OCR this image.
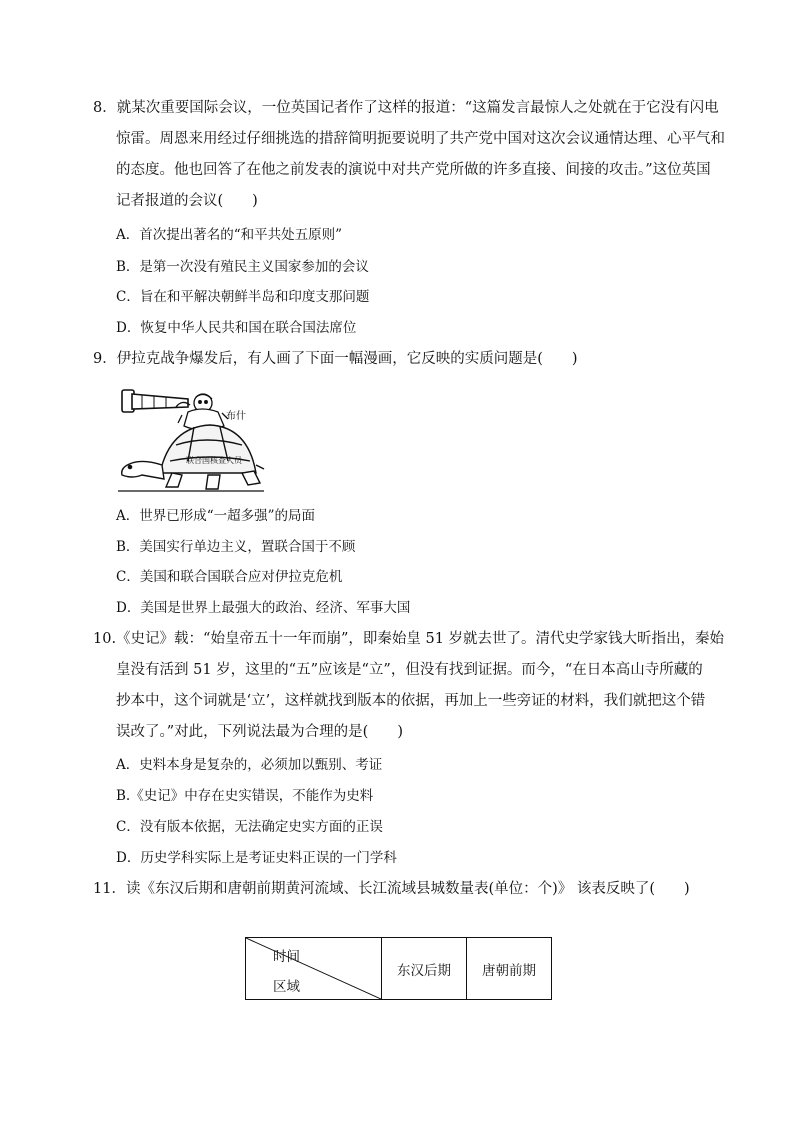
8．就某次重要国际会议，一位英国记者作了这样的报道：“这篇发言最惊人之处就在于它没有闪电
惊雷。周恩来用经过仔细挑选的措辞简明扼要说明了共产党中国对这次会议通情达理、心平气和
的态度。他也回答了在他之前发表的演说中对共产党所做的许多直接、间接的攻击。”这位英国
记者报道的会议(　　)
A．首次提出著名的“和平共处五原则”
B．是第一次没有殖民主义国家参加的会议
C．旨在和平解决朝鲜半岛和印度支那问题
D．恢复中华人民共和国在联合国法席位
9．伊拉克战争爆发后，有人画了下面一幅漫画，它反映的实质问题是(　　)
布什
联合国核查人员
A．世界已形成“一超多强”的局面
B．美国实行单边主义，置联合国于不顾
C．美国和联合国联合应对伊拉克危机
D．美国是世界上最强大的政治、经济、军事大国
10.《史记》载：“始皇帝五十一年而崩”，即秦始皇 51 岁就去世了。清代史学家钱大昕指出，秦始
皇没有活到 51 岁，这里的“五”应该是“立”，但没有找到证据。而今，“在日本高山寺所藏的
抄本中，这个词就是‘立’，这样就找到版本的依据，再加上一些旁证的材料，我们就把这个错
误改了。”对此，下列说法最为合理的是(　　)
A．史料本身是复杂的，必须加以甄别、考证
B.《史记》中存在史实错误，不能作为史料
C．没有版本依据，无法确定史实方面的正误
D．历史学科实际上是考证史料正误的一门学科
11．读《东汉后期和唐朝前期黄河流域、长江流域县城数量表(单位：个)》 该表反映了(　　)
时间
区域
	东汉后期	唐朝前期
